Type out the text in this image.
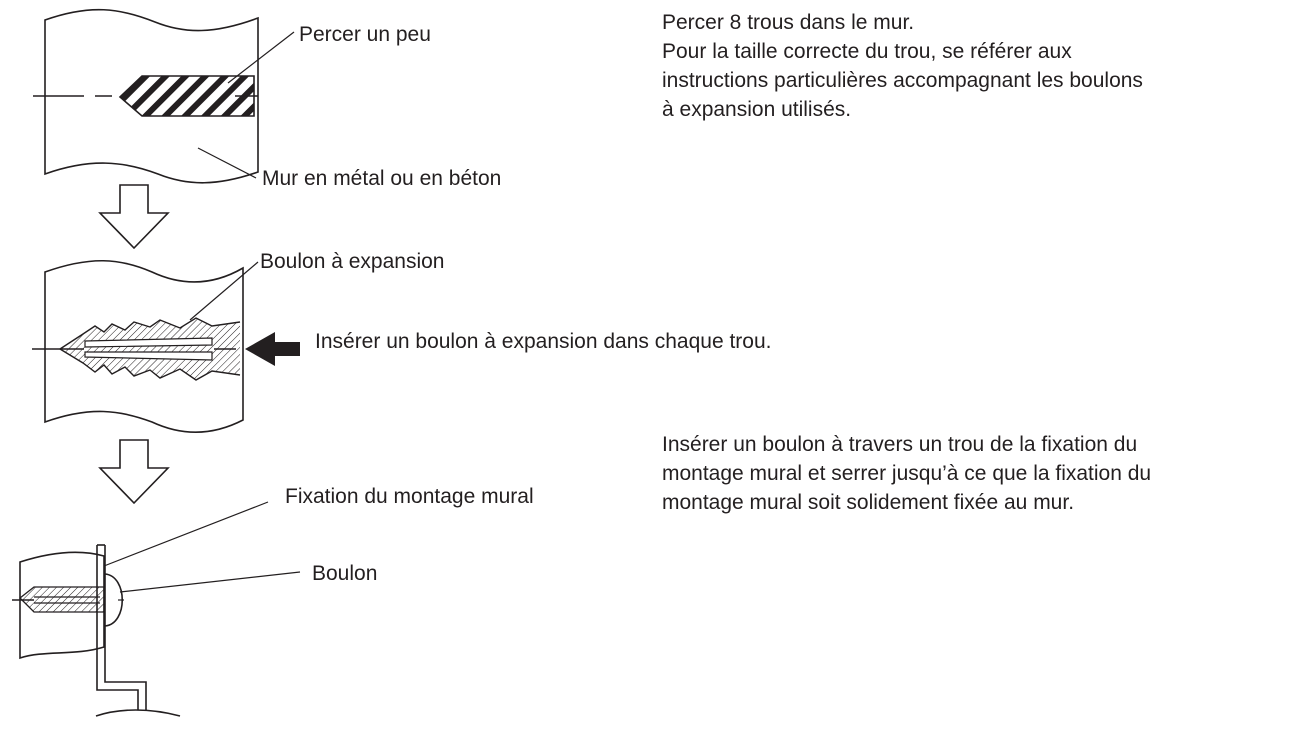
Percer un peu
Mur en métal ou en béton
Percer 8 trous dans le mur.
Pour la taille correcte du trou, se référer aux
instructions particulières accompagnant les boulons
à expansion utilisés.
Boulon à expansion
Insérer un boulon à expansion dans chaque trou.
Fixation du montage mural
Boulon
Insérer un boulon à travers un trou de la fixation du
montage mural et serrer jusqu’à ce que la fixation du
montage mural soit solidement fixée au mur.
